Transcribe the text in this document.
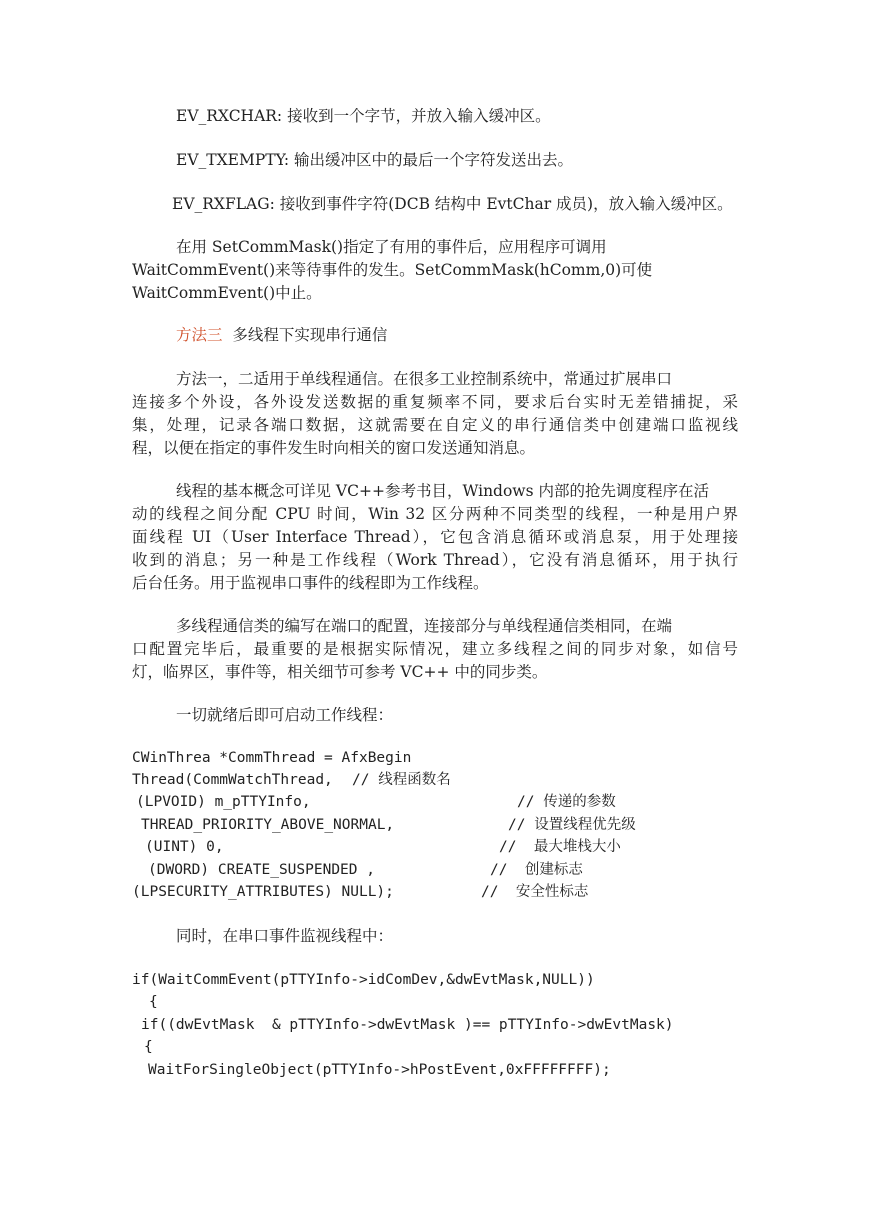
EV_RXCHAR: 接收到一个字节，并放入输入缓冲区。
EV_TXEMPTY: 输出缓冲区中的最后一个字符发送出去。
EV_RXFLAG: 接收到事件字符(DCB 结构中 EvtChar 成员)，放入输入缓冲区。
在用 SetCommMask()指定了有用的事件后，应用程序可调用
WaitCommEvent()来等待事件的发生。SetCommMask(hComm,0)可使
WaitCommEvent()中止。
方法三 多线程下实现串行通信
方法一，二适用于单线程通信。在很多工业控制系统中，常通过扩展串口
连接多个外设，各外设发送数据的重复频率不同，要求后台实时无差错捕捉，采
集，处理，记录各端口数据，这就需要在自定义的串行通信类中创建端口监视线
程，以便在指定的事件发生时向相关的窗口发送通知消息。
线程的基本概念可详见 VC++参考书目，Windows 内部的抢先调度程序在活
动的线程之间分配 CPU 时间，Win 32 区分两种不同类型的线程，一种是用户界
面线程 UI（User Interface Thread），它包含消息循环或消息泵，用于处理接
收到的消息；另一种是工作线程（Work Thread），它没有消息循环，用于执行
后台任务。用于监视串口事件的线程即为工作线程。
多线程通信类的编写在端口的配置，连接部分与单线程通信类相同，在端
口配置完毕后，最重要的是根据实际情况，建立多线程之间的同步对象，如信号
灯，临界区，事件等，相关细节可参考 VC++ 中的同步类。
一切就绪后即可启动工作线程：
CWinThrea *CommThread = AfxBegin
Thread(CommWatchThread, // 线程函数名
(LPVOID) m_pTTYInfo,	// 传递的参数
THREAD_PRIORITY_ABOVE_NORMAL,	// 设置线程优先级
(UINT) 0,	//  最大堆栈大小
(DWORD) CREATE_SUSPENDED ,	//  创建标志
(LPSECURITY_ATTRIBUTES) NULL);	//  安全性标志
同时，在串口事件监视线程中：
if(WaitCommEvent(pTTYInfo->idComDev,&dwEvtMask,NULL))
{
if((dwEvtMask  & pTTYInfo->dwEvtMask )== pTTYInfo->dwEvtMask)
{
WaitForSingleObject(pTTYInfo->hPostEvent,0xFFFFFFFF);
